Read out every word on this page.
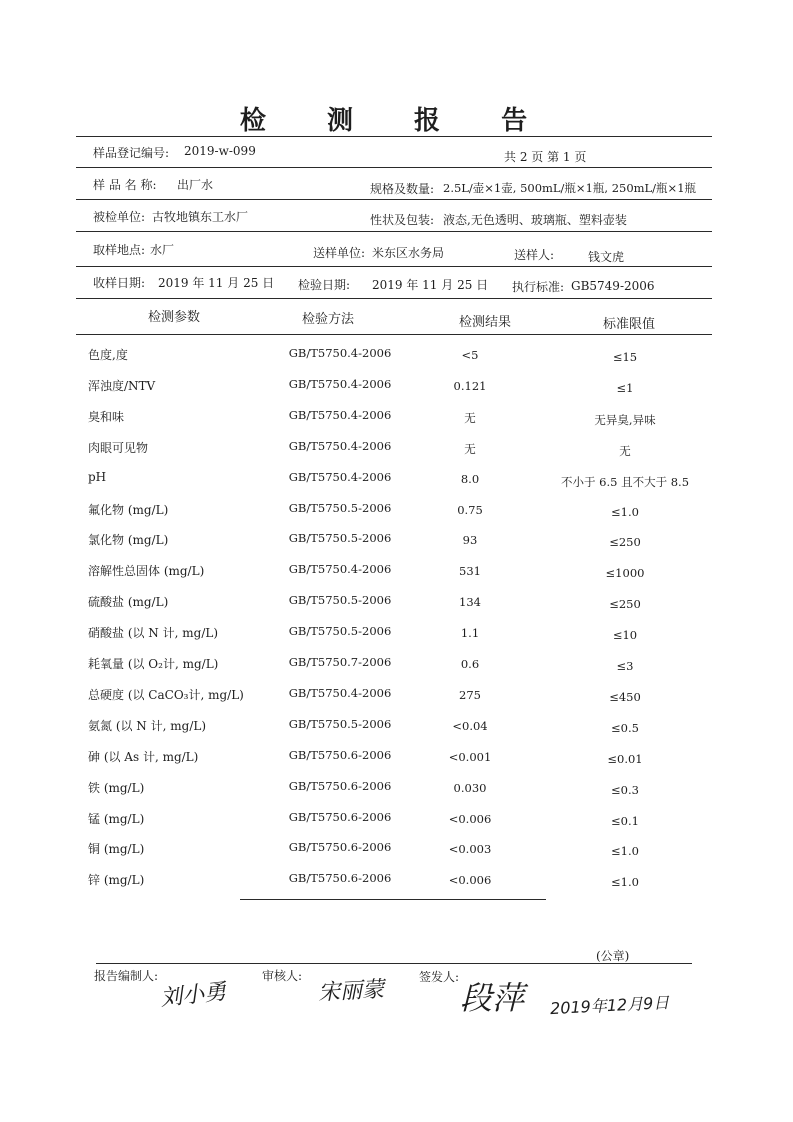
检 测 报 告
样品登记编号: 2019-w-099	共 2 页 第 1 页
样 品 名 称: 出厂水	规格及数量: 2.5L/壶×1壶, 500mL/瓶×1瓶, 250mL/瓶×1瓶
被检单位: 古牧地镇东工水厂	性状及包装: 液态,无色透明、玻璃瓶、塑料壶装
取样地点: 水厂	送样单位: 米东区水务局	送样人:	钱文虎
收样日期: 2019 年 11 月 25 日 检验日期: 2019 年 11 月 25 日 执行标准: GB5749-2006
检测参数	检验方法	检测结果	标准限值
色度,度	GB/T5750.4-2006	<5	≤15
浑浊度/NTV	GB/T5750.4-2006	0.121	≤1
臭和味	GB/T5750.4-2006	无	无异臭,异味
肉眼可见物	GB/T5750.4-2006	无	无
pH	GB/T5750.4-2006	8.0	不小于 6.5 且不大于 8.5
氟化物 (mg/L)	GB/T5750.5-2006	0.75	≤1.0
氯化物 (mg/L)	GB/T5750.5-2006	93	≤250
溶解性总固体 (mg/L)	GB/T5750.4-2006	531	≤1000
硫酸盐 (mg/L)	GB/T5750.5-2006	134	≤250
硝酸盐 (以 N 计, mg/L)	GB/T5750.5-2006	1.1	≤10
耗氧量 (以 O₂计, mg/L)	GB/T5750.7-2006	0.6	≤3
总硬度 (以 CaCO₃计, mg/L)	GB/T5750.4-2006	275	≤450
氨氮 (以 N 计, mg/L)	GB/T5750.5-2006	<0.04	≤0.5
砷 (以 As 计, mg/L)	GB/T5750.6-2006	<0.001	≤0.01
铁 (mg/L)	GB/T5750.6-2006	0.030	≤0.3
锰 (mg/L)	GB/T5750.6-2006	<0.006	≤0.1
铜 (mg/L)	GB/T5750.6-2006	<0.003	≤1.0
锌 (mg/L)	GB/T5750.6-2006	<0.006	≤1.0
(公章)
报告编制人:
刘小勇
审核人:
宋丽蒙
签发人:
段萍 2019年12月9日
